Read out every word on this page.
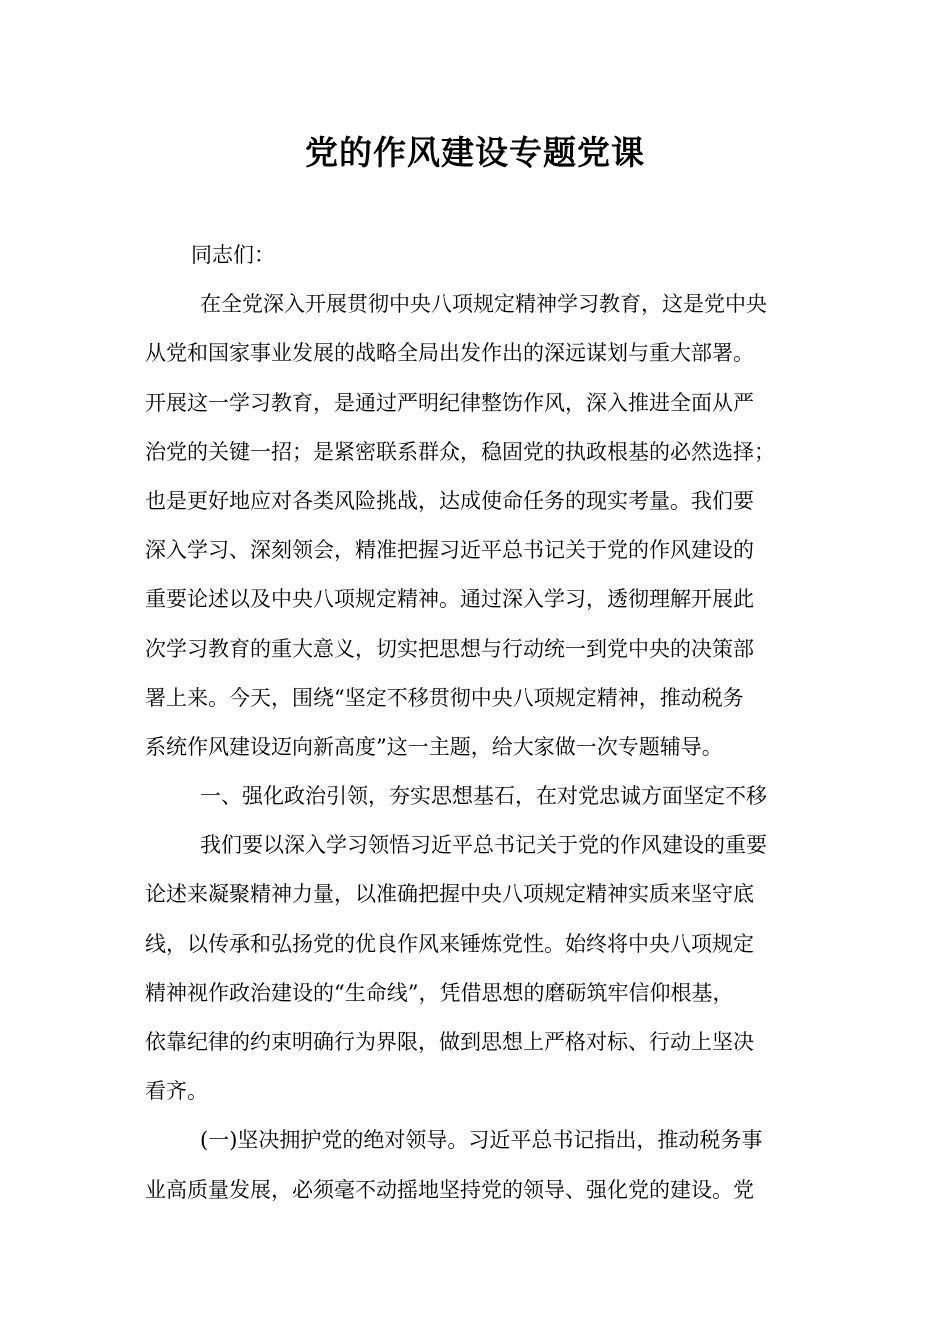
党的作风建设专题党课
同志们：
在全党深入开展贯彻中央八项规定精神学习教育，这是党中央
从党和国家事业发展的战略全局出发作出的深远谋划与重大部署。
开展这一学习教育，是通过严明纪律整饬作风，深入推进全面从严
治党的关键一招；是紧密联系群众，稳固党的执政根基的必然选择；
也是更好地应对各类风险挑战，达成使命任务的现实考量。我们要
深入学习、深刻领会，精准把握习近平总书记关于党的作风建设的
重要论述以及中央八项规定精神。通过深入学习，透彻理解开展此
次学习教育的重大意义，切实把思想与行动统一到党中央的决策部
署上来。今天，围绕“坚定不移贯彻中央八项规定精神，推动税务
系统作风建设迈向新高度”这一主题，给大家做一次专题辅导。
一、强化政治引领，夯实思想基石，在对党忠诚方面坚定不移
我们要以深入学习领悟习近平总书记关于党的作风建设的重要
论述来凝聚精神力量，以准确把握中央八项规定精神实质来坚守底
线，以传承和弘扬党的优良作风来锤炼党性。始终将中央八项规定
精神视作政治建设的“生命线”，凭借思想的磨砺筑牢信仰根基，
依靠纪律的约束明确行为界限，做到思想上严格对标、行动上坚决
看齐。
(一)坚决拥护党的绝对领导。习近平总书记指出，推动税务事
业高质量发展，必须毫不动摇地坚持党的领导、强化党的建设。党
